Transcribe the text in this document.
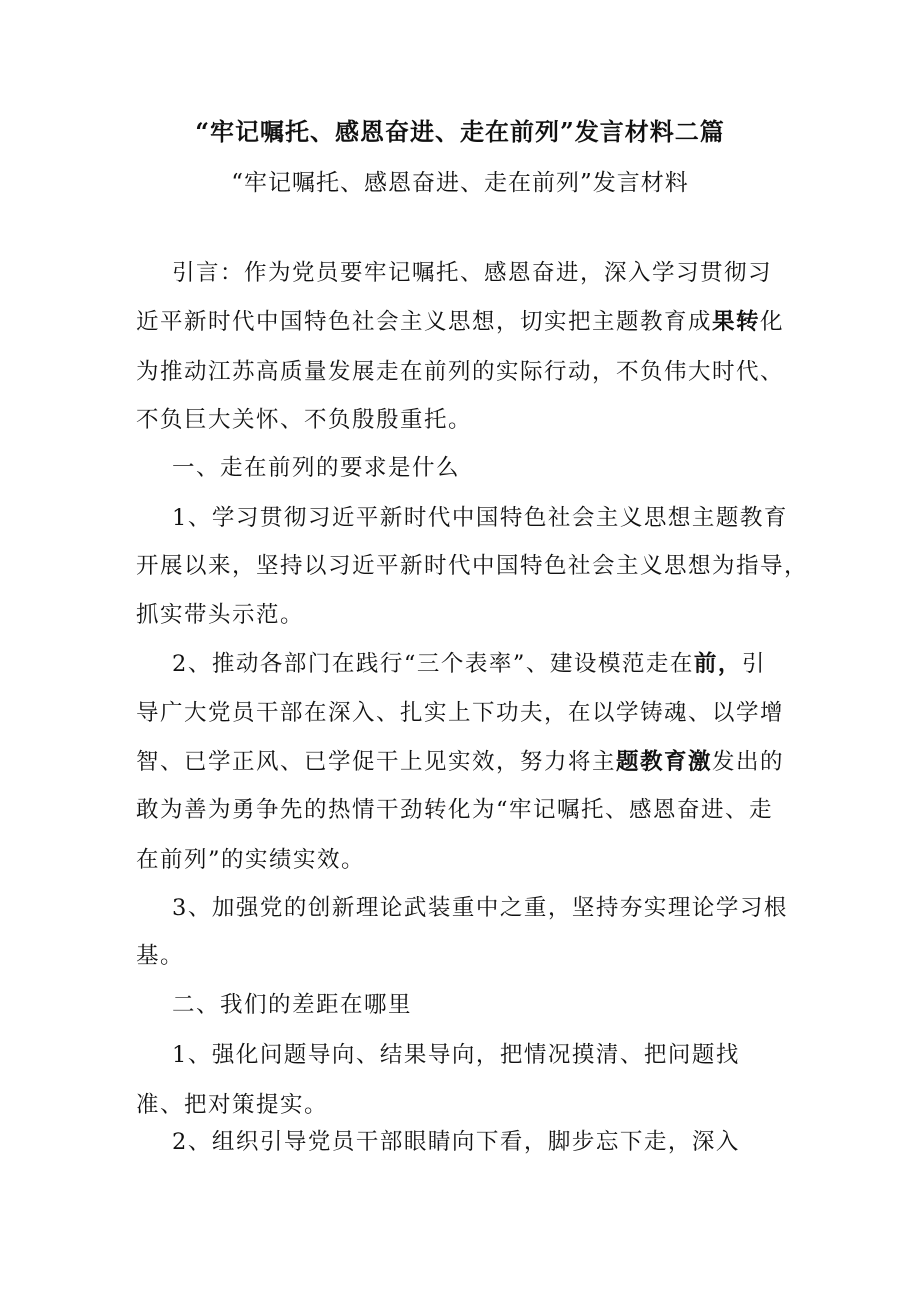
“牢记嘱托、感恩奋进、走在前列”发言材料二篇
“牢记嘱托、感恩奋进、走在前列”发言材料
引言：作为党员要牢记嘱托、感恩奋进，深入学习贯彻习
近平新时代中国特色社会主义思想，切实把主题教育成果转化
为推动江苏高质量发展走在前列的实际行动，不负伟大时代、
不负巨大关怀、不负殷殷重托。
一、走在前列的要求是什么
1、学习贯彻习近平新时代中国特色社会主义思想主题教育
开展以来，坚持以习近平新时代中国特色社会主义思想为指导，
抓实带头示范。
2、推动各部门在践行“三个表率”、建设模范走在前，引
导广大党员干部在深入、扎实上下功夫，在以学铸魂、以学增
智、已学正风、已学促干上见实效，努力将主题教育激发出的
敢为善为勇争先的热情干劲转化为“牢记嘱托、感恩奋进、走
在前列”的实绩实效。
3、加强党的创新理论武装重中之重，坚持夯实理论学习根
基。
二、我们的差距在哪里
1、强化问题导向、结果导向，把情况摸清、把问题找
准、把对策提实。
2、组织引导党员干部眼睛向下看，脚步忘下走，深入
